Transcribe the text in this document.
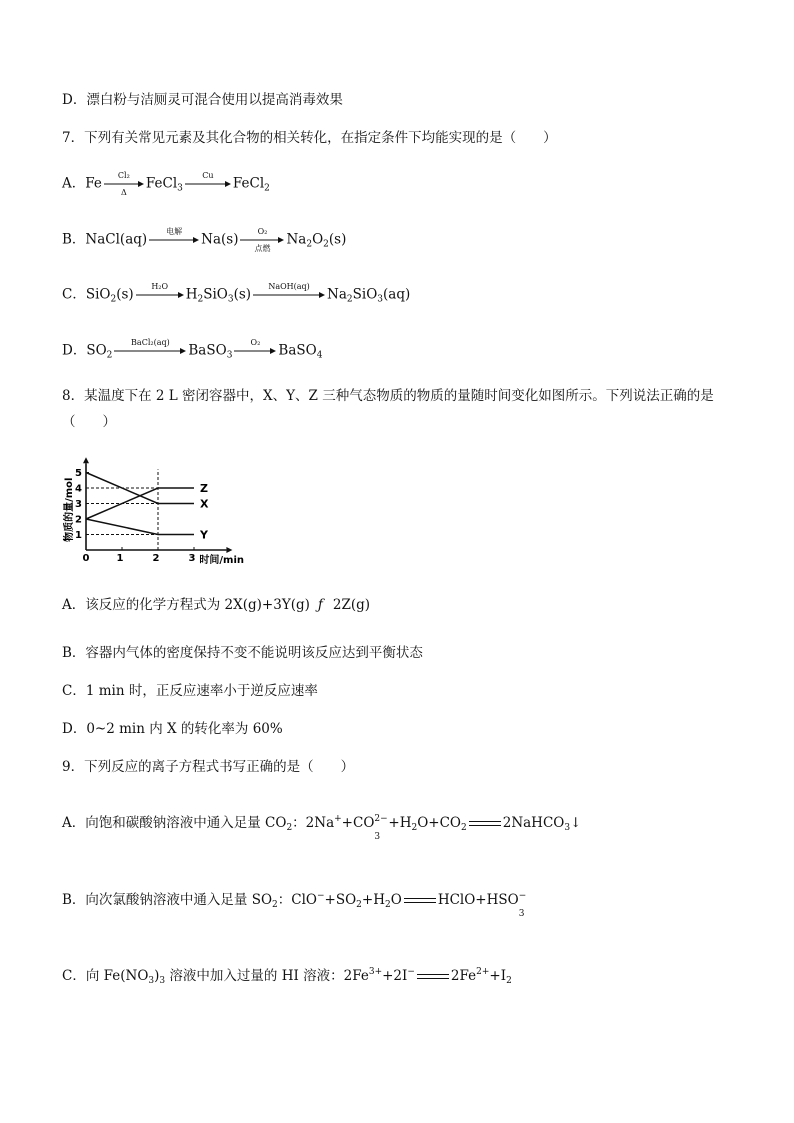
D．漂白粉与洁厕灵可混合使用以提高消毒效果
7．下列有关常见元素及其化合物的相关转化，在指定条件下均能实现的是（　　）
A．Fe	Cl₂
Δ
FeCl$_3$
Cu	FeCl$_2$
B．NaCl(aq)	电解	Na(s)	O₂
点燃
$Na_2O_2(s)$
C．SiO$_2$(s)	H₂O	$H_2SiO_3(s)$	NaOH(aq)	$Na_2SiO_3(aq)$
D．$SO_2$
BaCl₂(aq)	BaSO$_3$
O₂	BaSO$_4$
8．某温度下在 2 L 密闭容器中，X、Y、Z 三种气态物质的物质的量随时间变化如图所示。下列说法正确的是（　　）
0	1	2	3
1
2
3
4
5
Z
X
Y
时间/min
物质的量/mol
A．该反应的化学方程式为 2X(g)+3Y(g) ƒ 2Z(g)
B．容器内气体的密度保持不变不能说明该反应达到平衡状态
C．1 min 时，正反应速率小于逆反应速率
D．0~2 min 内 X 的转化率为 60%
9．下列反应的离子方程式书写正确的是（　　）
A．向饱和碳酸钠溶液中通入足量 $CO_2$：2Na++CO 2−
3
$+H_2O+CO_2$	2NaHCO$_3$↓
B．向次氯酸钠溶液中通入足量 $SO_2$：$ClO^-+SO_2+H_2O$	HClO+HSO −
3
C．向 $Fe(NO_3)_3$ 溶液中加入过量的 HI 溶液：$2Fe^{3+}+2I^-$	$2Fe^{2+}+I_2$
